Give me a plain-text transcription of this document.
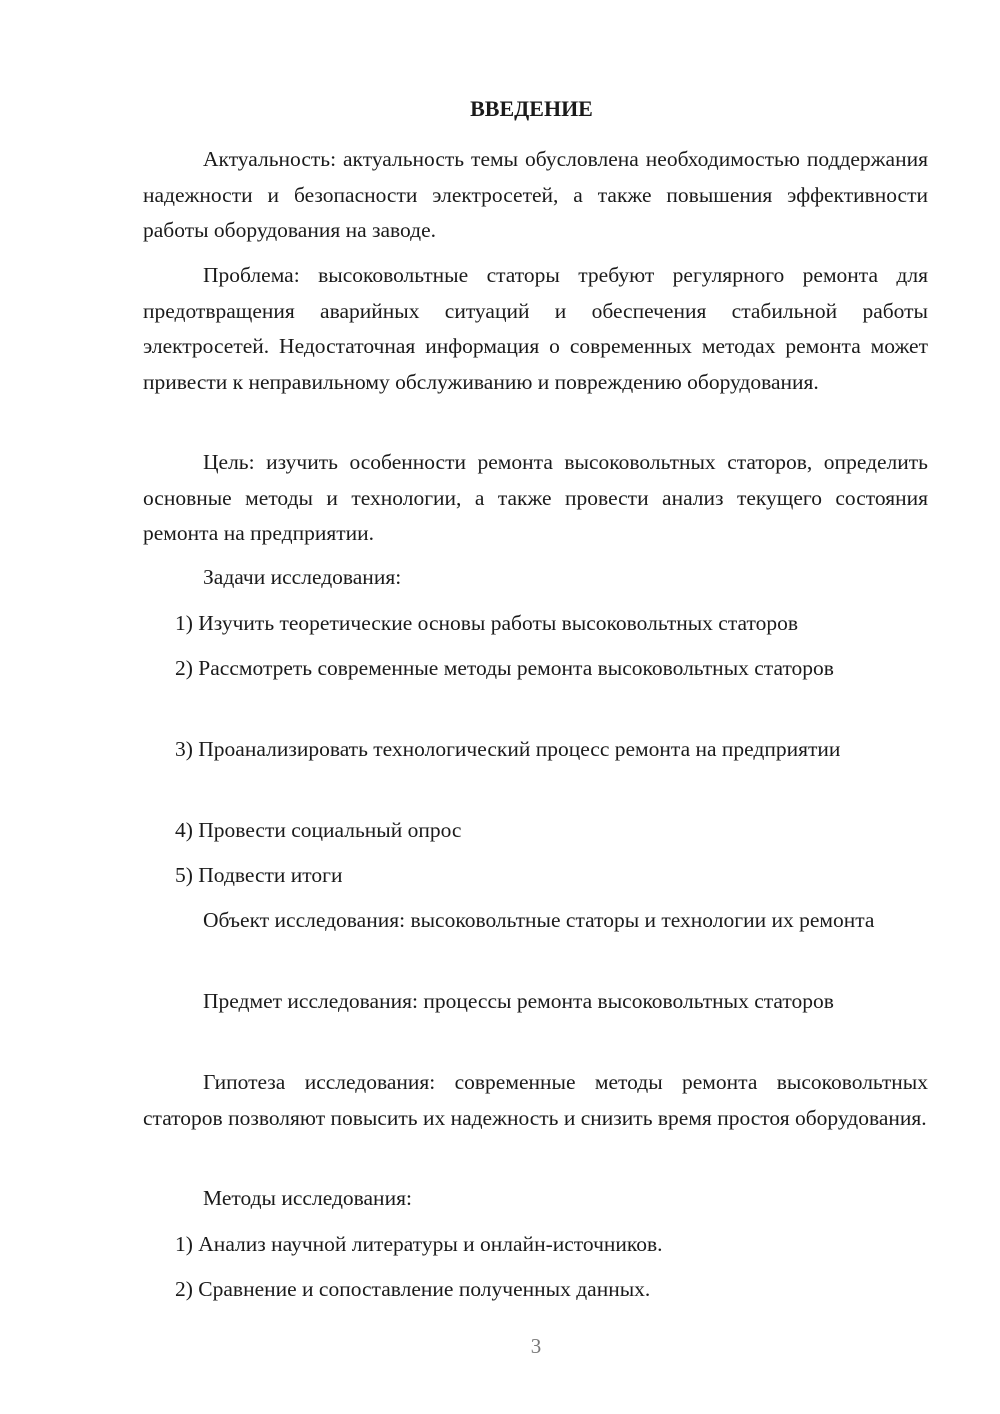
ВВЕДЕНИЕ

Актуальность: актуальность темы обусловлена необходимостью поддержания надежности и безопасности электросетей, а также повышения эффективности работы оборудования на заводе.

Проблема: высоковольтные статоры требуют регулярного ремонта для предотвращения аварийных ситуаций и обеспечения стабильной работы электросетей. Недостаточная информация о современных методах ремонта может привести к неправильному обслуживанию и повреждению оборудования.

Цель: изучить особенности ремонта высоковольтных статоров, определить основные методы и технологии, а также провести анализ текущего состояния ремонта на предприятии.

Задачи исследования:

1) Изучить теоретические основы работы высоковольтных статоров

2) Рассмотреть современные методы ремонта высоковольтных статоров

3) Проанализировать технологический процесс ремонта на предприятии

4) Провести социальный опрос

5) Подвести итоги

Объект исследования: высоковольтные статоры и технологии их ремонта

Предмет исследования: процессы ремонта высоковольтных статоров

Гипотеза исследования: современные методы ремонта высоковольтных статоров позволяют повысить их надежность и снизить время простоя оборудования.

Методы исследования:

1) Анализ научной литературы и онлайн-источников.

2) Сравнение и сопоставление полученных данных.

3
